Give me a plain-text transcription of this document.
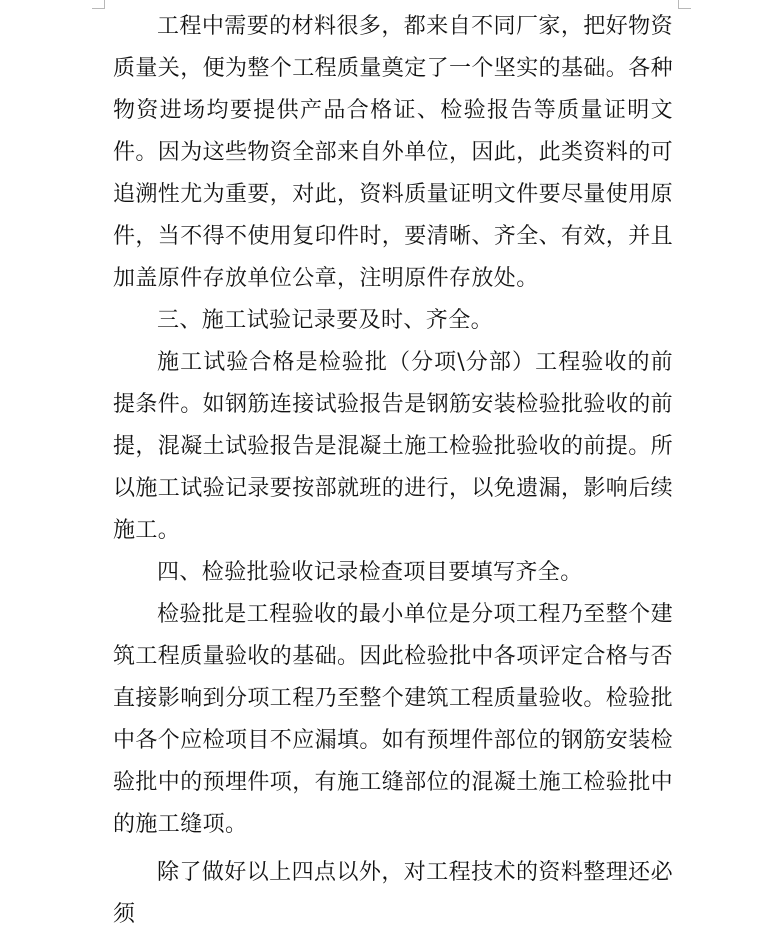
工程中需要的材料很多，都来自不同厂家，把好物资质量关，便为整个工程质量奠定了一个坚实的基础。各种物资进场均要提供产品合格证、检验报告等质量证明文件。因为这些物资全部来自外单位，因此，此类资料的可追溯性尤为重要，对此，资料质量证明文件要尽量使用原件，当不得不使用复印件时，要清晰、齐全、有效，并且加盖原件存放单位公章，注明原件存放处。

三、施工试验记录要及时、齐全。

施工试验合格是检验批（分项\分部）工程验收的前提条件。如钢筋连接试验报告是钢筋安装检验批验收的前提，混凝土试验报告是混凝土施工检验批验收的前提。所以施工试验记录要按部就班的进行，以免遗漏，影响后续施工。

四、检验批验收记录检查项目要填写齐全。

检验批是工程验收的最小单位是分项工程乃至整个建筑工程质量验收的基础。因此检验批中各项评定合格与否直接影响到分项工程乃至整个建筑工程质量验收。检验批中各个应检项目不应漏填。如有预埋件部位的钢筋安装检验批中的预埋件项，有施工缝部位的混凝土施工检验批中的施工缝项。

除了做好以上四点以外，对工程技术的资料整理还必须
